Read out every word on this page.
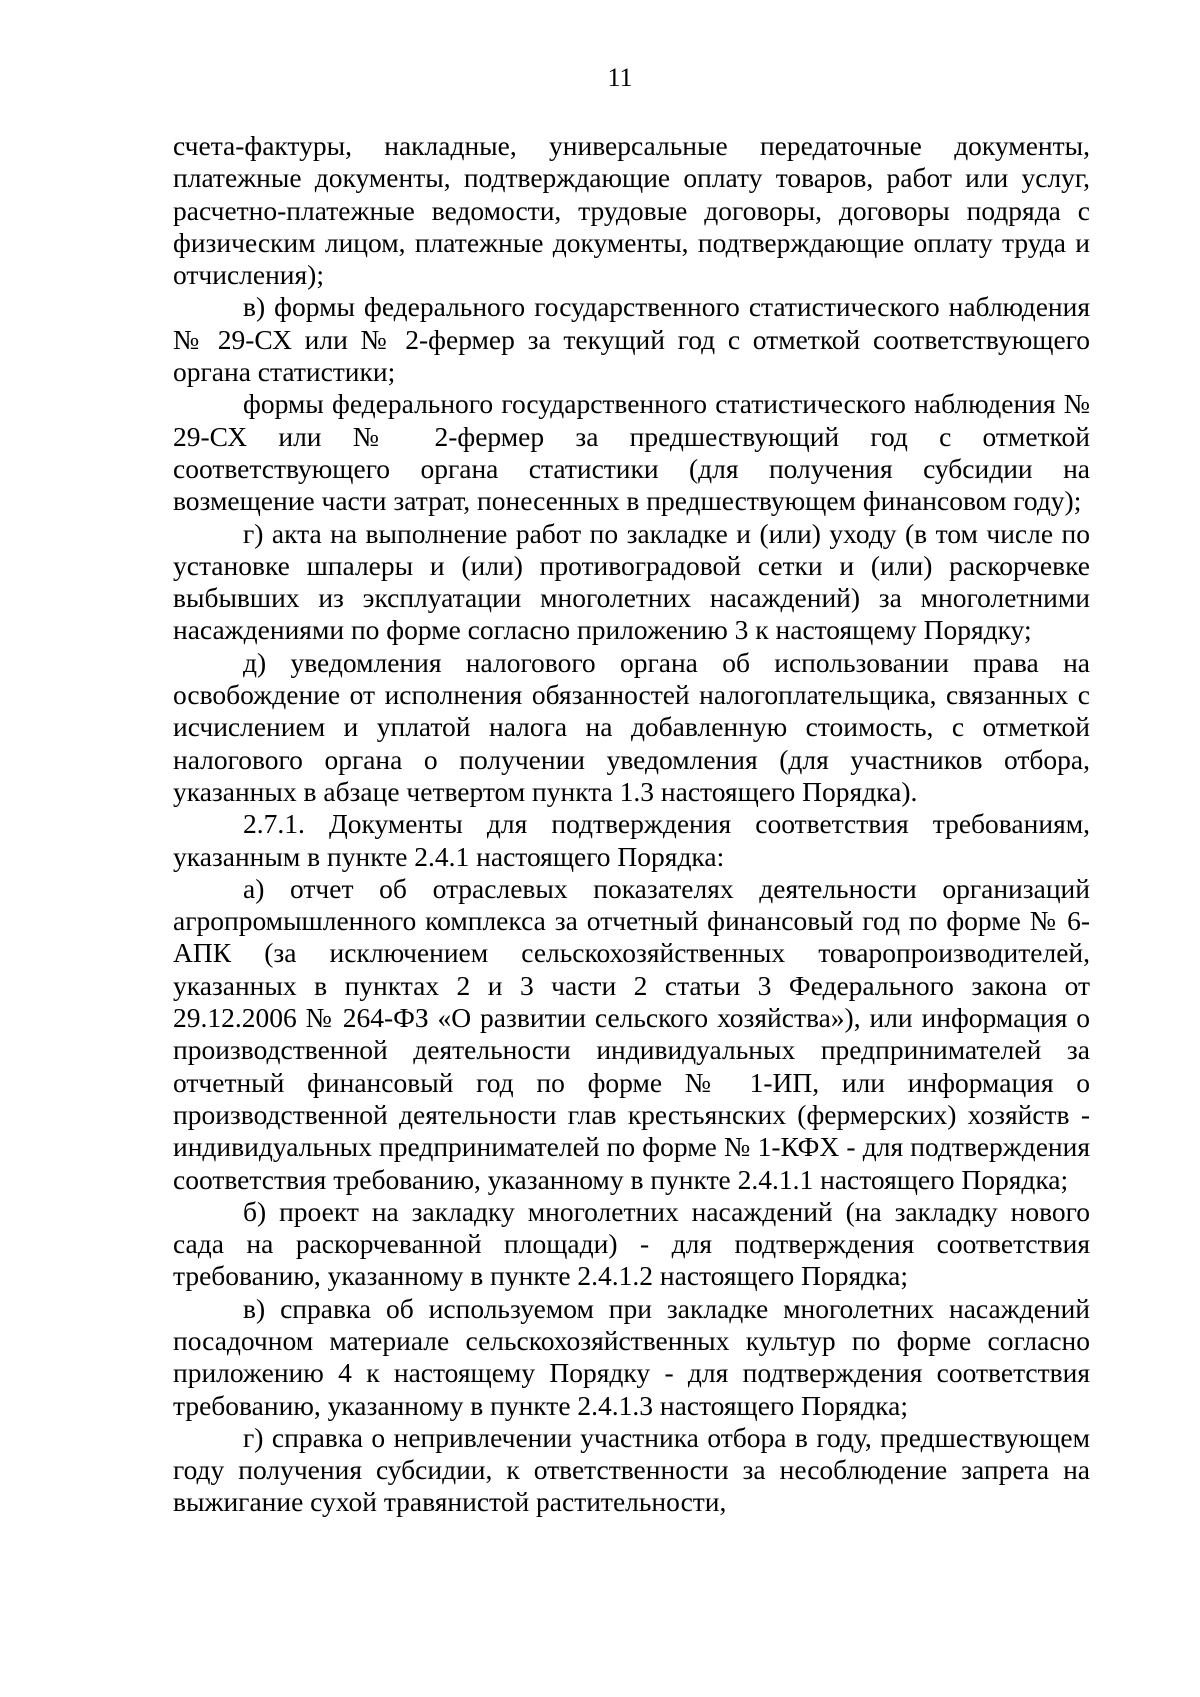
11

счета-фактуры, накладные, универсальные передаточные документы, платежные документы, подтверждающие оплату товаров, работ или услуг, расчетно-платежные ведомости, трудовые договоры, договоры подряда с физическим лицом, платежные документы, подтверждающие оплату труда и отчисления);

в) формы федерального государственного статистического наблюдения № 29-СХ или № 2-фермер за текущий год с отметкой соответствующего органа статистики;

формы федерального государственного статистического наблюдения № 29-СХ или № 2-фермер за предшествующий год с отметкой соответствующего органа статистики (для получения субсидии на возмещение части затрат, понесенных в предшествующем финансовом году);

г) акта на выполнение работ по закладке и (или) уходу (в том числе по установке шпалеры и (или) противоградовой сетки и (или) раскорчевке выбывших из эксплуатации многолетних насаждений) за многолетними насаждениями по форме согласно приложению 3 к настоящему Порядку;

д) уведомления налогового органа об использовании права на освобождение от исполнения обязанностей налогоплательщика, связанных с исчислением и уплатой налога на добавленную стоимость, с отметкой налогового органа о получении уведомления (для участников отбора, указанных в абзаце четвертом пункта 1.3 настоящего Порядка).

2.7.1. Документы для подтверждения соответствия требованиям, указанным в пункте 2.4.1 настоящего Порядка:

а) отчет об отраслевых показателях деятельности организаций агропромышленного комплекса за отчетный финансовый год по форме № 6-АПК (за исключением сельскохозяйственных товаропроизводителей, указанных в пунктах 2 и 3 части 2 статьи 3 Федерального закона от 29.12.2006 № 264-ФЗ «О развитии сельского хозяйства»), или информация о производственной деятельности индивидуальных предпринимателей за отчетный финансовый год по форме № 1-ИП, или информация о производственной деятельности глав крестьянских (фермерских) хозяйств - индивидуальных предпринимателей по форме № 1-КФХ - для подтверждения соответствия требованию, указанному в пункте 2.4.1.1 настоящего Порядка;

б) проект на закладку многолетних насаждений (на закладку нового сада на раскорчеванной площади) - для подтверждения соответствия требованию, указанному в пункте 2.4.1.2 настоящего Порядка;

в) справка об используемом при закладке многолетних насаждений посадочном материале сельскохозяйственных культур по форме согласно приложению 4 к настоящему Порядку - для подтверждения соответствия требованию, указанному в пункте 2.4.1.3 настоящего Порядка;

г) справка о непривлечении участника отбора в году, предшествующем году получения субсидии, к ответственности за несоблюдение запрета на выжигание сухой травянистой растительности,
